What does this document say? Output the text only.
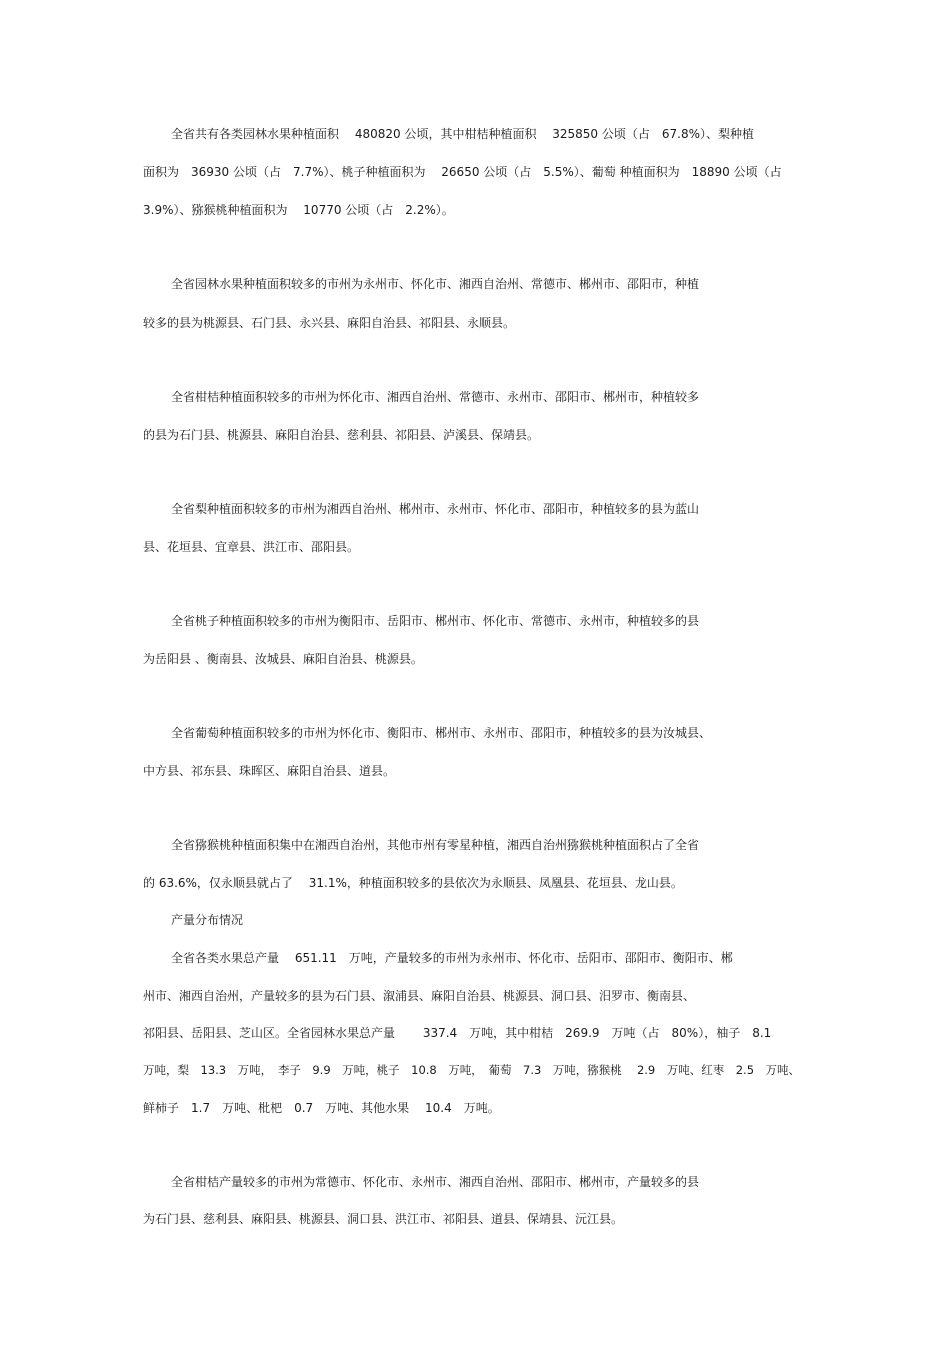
全省共有各类园林水果种植面积　 480820 公顷，其中柑桔种植面积　 325850 公顷（占　67.8%）、梨种植

面积为　36930 公顷（占　7.7%）、桃子种植面积为　 26650 公顷（占　5.5%）、葡萄 种植面积为　18890 公顷（占

3.9%）、猕猴桃种植面积为　 10770 公顷（占　2.2%）。

全省园林水果种植面积较多的市州为永州市、怀化市、湘西自治州、常德市、郴州市、邵阳市，种植

较多的县为桃源县、石门县、永兴县、麻阳自治县、祁阳县、永顺县。

全省柑桔种植面积较多的市州为怀化市、湘西自治州、常德市、永州市、邵阳市、郴州市，种植较多

的县为石门县、桃源县、麻阳自治县、慈利县、祁阳县、泸溪县、保靖县。

全省梨种植面积较多的市州为湘西自治州、郴州市、永州市、怀化市、邵阳市，种植较多的县为蓝山

县、花垣县、宜章县、洪江市、邵阳县。

全省桃子种植面积较多的市州为衡阳市、岳阳市、郴州市、怀化市、常德市、永州市，种植较多的县

为岳阳县 、衡南县、汝城县、麻阳自治县、桃源县。

全省葡萄种植面积较多的市州为怀化市、衡阳市、郴州市、永州市、邵阳市，种植较多的县为汝城县、

中方县、祁东县、珠晖区、麻阳自治县、道县。

全省猕猴桃种植面积集中在湘西自治州，其他市州有零星种植，湘西自治州猕猴桃种植面积占了全省

的 63.6%，仅永顺县就占了　 31.1%，种植面积较多的县依次为永顺县、凤凰县、花垣县、龙山县。

产量分布情况

全省各类水果总产量　 651.11　万吨，产量较多的市州为永州市、怀化市、岳阳市、邵阳市、衡阳市、郴

州市、湘西自治州，产量较多的县为石门县、溆浦县、麻阳自治县、桃源县、洞口县、汨罗市、衡南县、

祁阳县、岳阳县、芝山区。全省园林水果总产量　　 337.4　万吨，其中柑桔　269.9　万吨（占　80%），柚子　8.1

万吨，梨　13.3　万吨，　李子　9.9　万吨，桃子　10.8　万吨，　葡萄　7.3　万吨，猕猴桃　 2.9　万吨、红枣　2.5　万吨、

鲜柿子　1.7　万吨、枇杷　0.7　万吨、其他水果　 10.4　万吨。

全省柑桔产量较多的市州为常德市、怀化市、永州市、湘西自治州、邵阳市、郴州市，产量较多的县

为石门县、慈利县、麻阳县、桃源县、洞口县、洪江市、祁阳县、道县、保靖县、沅江县。
